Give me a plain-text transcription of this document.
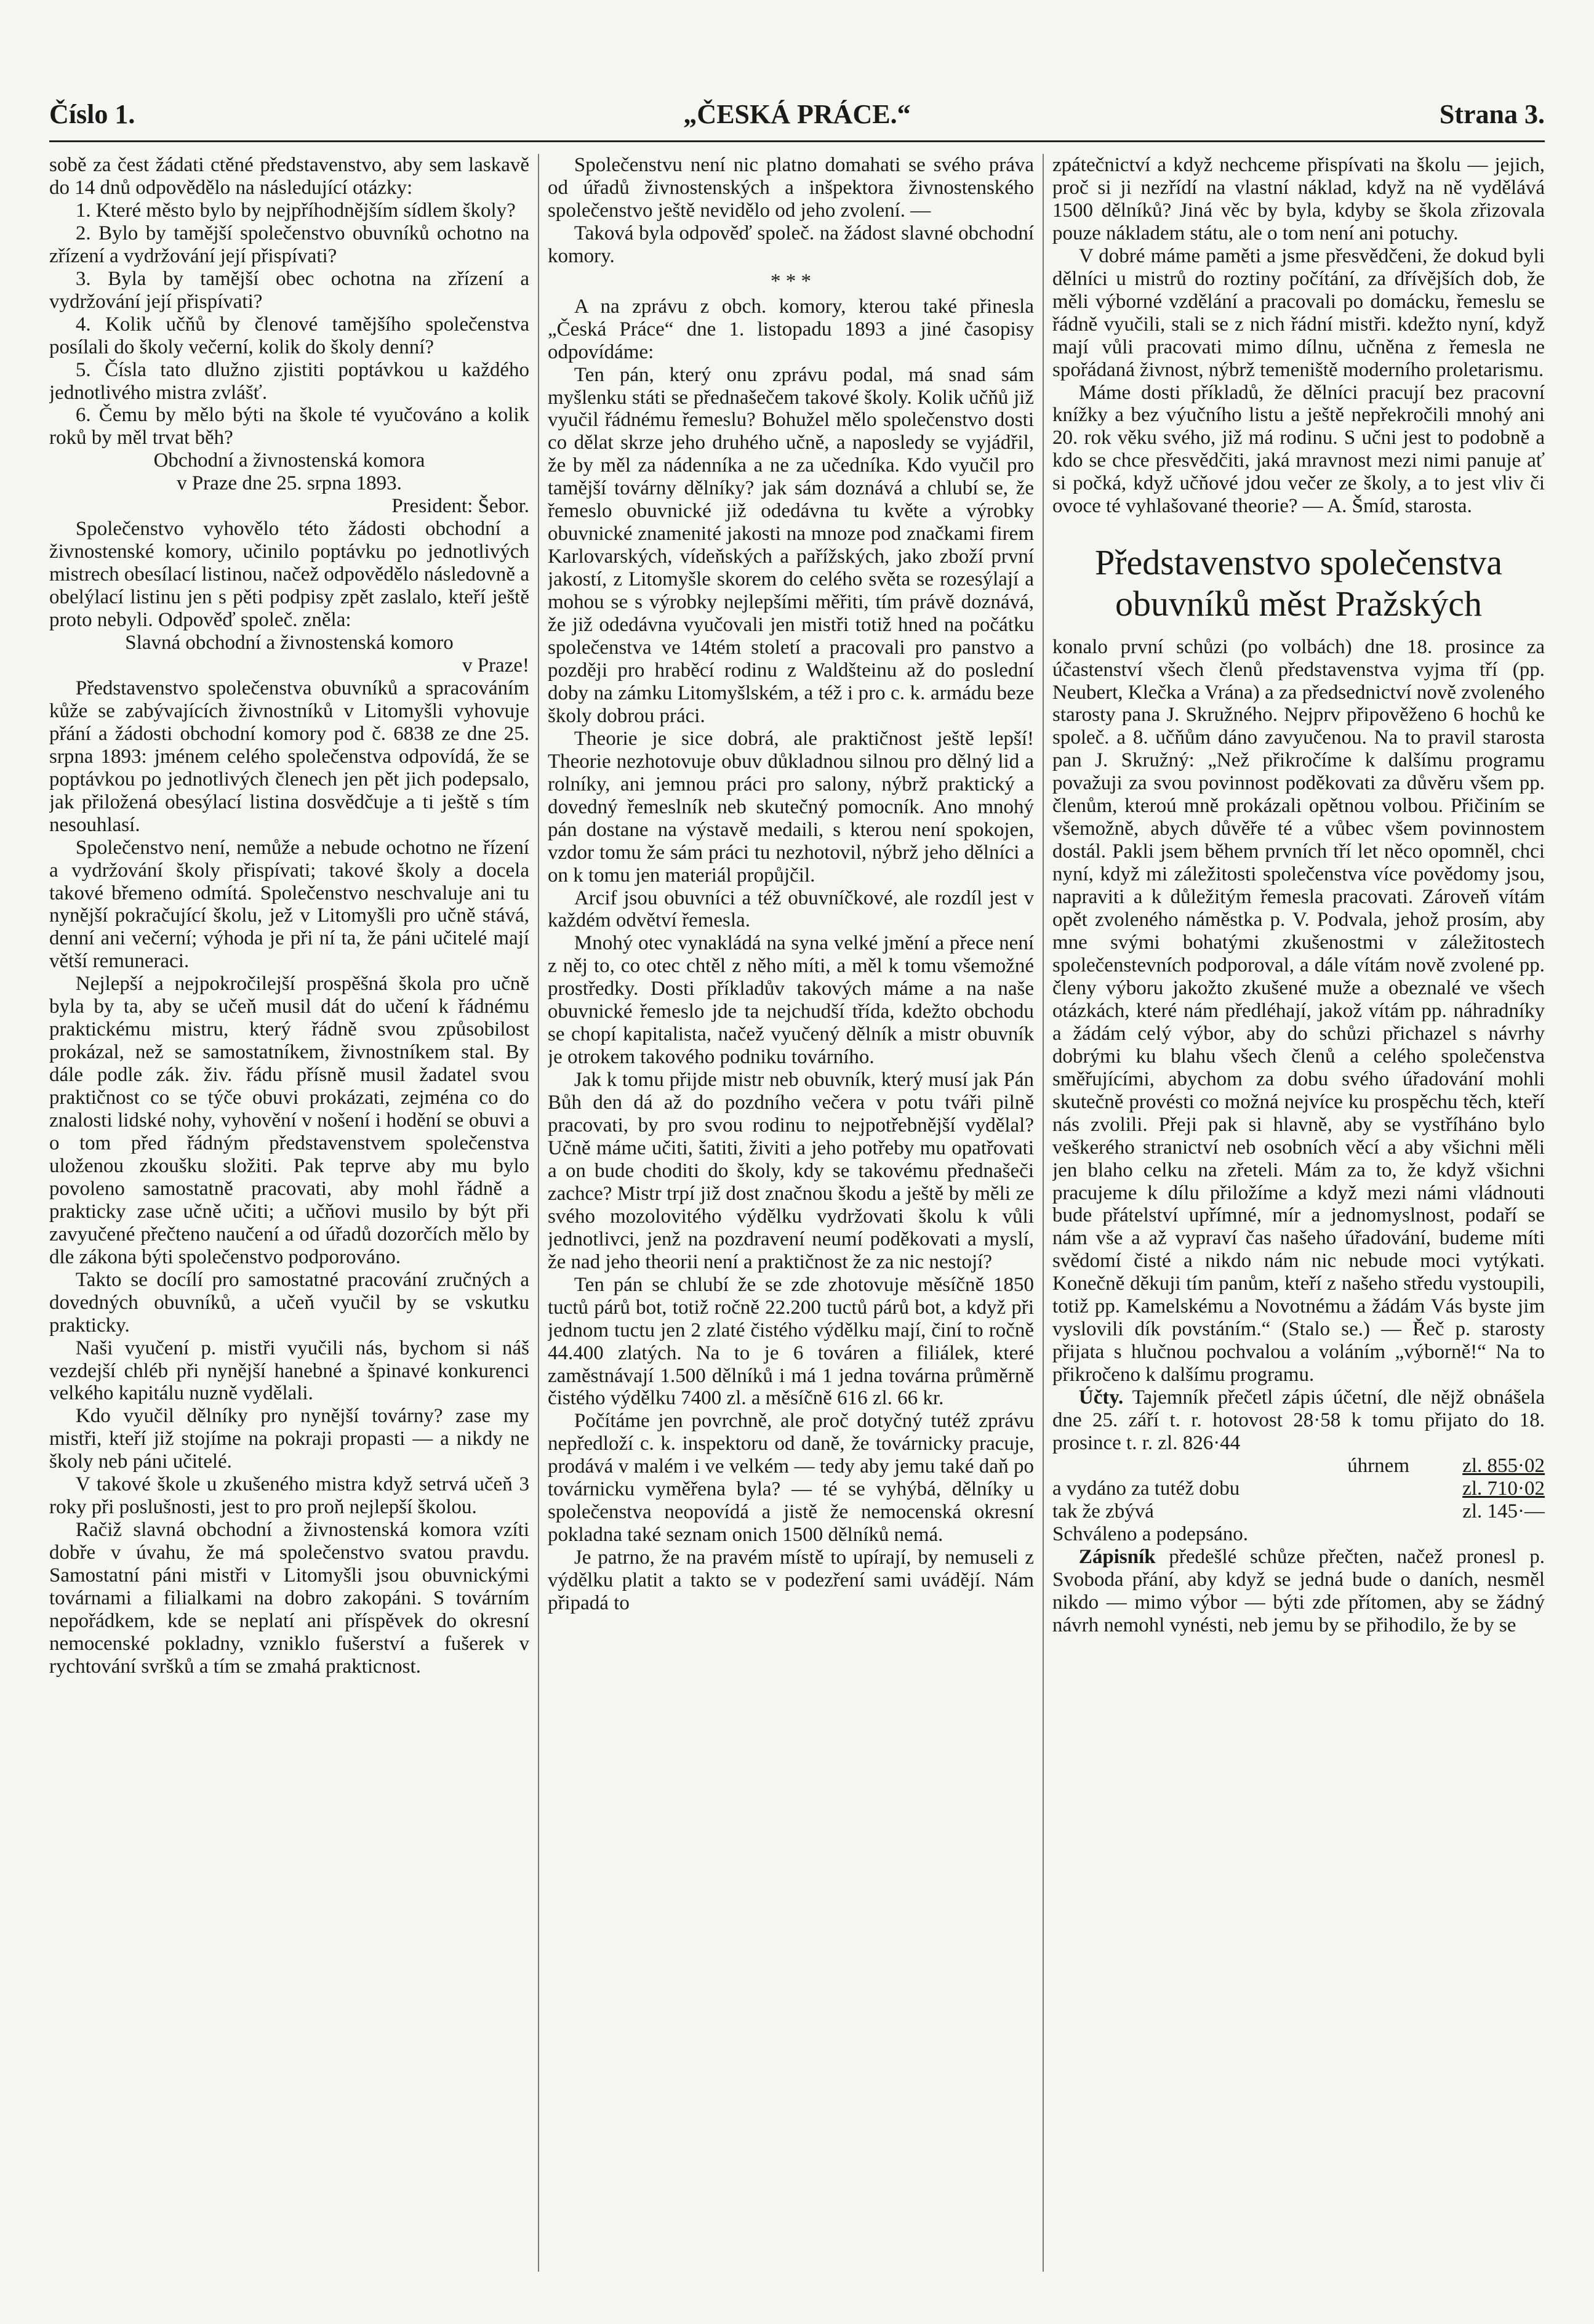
Číslo 1.	„ČESKÁ PRÁCE.“	Strana 3.

sobě za čest žádati ctěné představenstvo, aby sem laskavě do 14 dnů odpovědělo na následující otázky:

1. Které město bylo by nejpříhodnějším sídlem školy?

2. Bylo by tamější společenstvo obuvníků ochotno na zřízení a vydržování její přispívati?

3. Byla by tamější obec ochotna na zřízení a vydržování její přispívati?

4. Kolik učňů by členové tamějšího společenstva posílali do školy večerní, kolik do školy denní?

5. Čísla tato dlužno zjistiti poptávkou u každého jednotlivého mistra zvlášť.

6. Čemu by mělo býti na škole té vyučováno a kolik roků by měl trvat běh?

Obchodní a živnostenská komora

v Praze dne 25. srpna 1893.

President: Šebor.

Společenstvo vyhovělo této žádosti obchodní a živnostenské komory, učinilo poptávku po jednotlivých mistrech obesílací listinou, načež odpovědělo následovně a obelýlací listinu jen s pěti podpisy zpět zaslalo, kteří ještě proto nebyli. Odpověď společ. zněla:

Slavná obchodní a živnostenská komoro

v Praze!

Představenstvo společenstva obuvníků a spracováním kůže se zabývajících živnostníků v Litomyšli vyhovuje přání a žádosti obchodní komory pod č. 6838 ze dne 25. srpna 1893: jménem celého společenstva odpovídá, že se poptávkou po jednotlivých členech jen pět jich podepsalo, jak přiložená obesýlací listina dosvědčuje a ti ještě s tím nesouhlasí.

Společenstvo není, nemůže a nebude ochotno ne řízení a vydržování školy přispívati; takové školy a docela takové břemeno odmítá. Společenstvo neschvaluje ani tu nynější pokračující školu, jež v Litomyšli pro učně stává, denní ani večerní; výhoda je při ní ta, že páni učitelé mají větší remuneraci.

Nejlepší a nejpokročilejší prospěšná škola pro učně byla by ta, aby se učeň musil dát do učení k řádnému praktickému mistru, který řádně svou způsobilost prokázal, než se samostatníkem, živnostníkem stal. By dále podle zák. živ. řádu přísně musil žadatel svou praktičnost co se týče obuvi prokázati, zejména co do znalosti lidské nohy, vyhovění v nošení i hodění se obuvi a o tom před řádným představenstvem společenstva uloženou zkoušku složiti. Pak teprve aby mu bylo povoleno samostatně pracovati, aby mohl řádně a prakticky zase učně učiti; a učňovi musilo by být při zavyučené přečteno naučení a od úřadů dozorčích mělo by dle zákona býti společenstvo podporováno.

Takto se docílí pro samostatné pracování zručných a dovedných obuvníků, a učeň vyučil by se vskutku prakticky.

Naši vyučení p. mistři vyučili nás, bychom si náš vezdejší chléb při nynější hanebné a špinavé konkurenci velkého kapitálu nuzně vydělali.

Kdo vyučil dělníky pro nynější továrny? zase my mistři, kteří již stojíme na pokraji propasti — a nikdy ne školy neb páni učitelé.

V takové škole u zkušeného mistra když setrvá učeň 3 roky při poslušnosti, jest to pro proň nejlepší školou.

Račiž slavná obchodní a živnostenská komora vzíti dobře v úvahu, že má společenstvo svatou pravdu. Samostatní páni mistři v Litomyšli jsou obuvnickými továrnami a filialkami na dobro zakopáni. S továrním nepořádkem, kde se neplatí ani příspěvek do okresní nemocenské pokladny, vzniklo fušerství a fušerek v rychtování svršků a tím se zmahá prakticnost.

Společenstvu není nic platno domahati se svého práva od úřadů živnostenských a inšpektora živnostenského společenstvo ještě nevidělo od jeho zvolení. —

Taková byla odpověď společ. na žádost slavné obchodní komory.

* * *

A na zprávu z obch. komory, kterou také přinesla „Česká Práce“ dne 1. listopadu 1893 a jiné časopisy odpovídáme:

Ten pán, který onu zprávu podal, má snad sám myšlenku státi se přednašečem takové školy. Kolik učňů již vyučil řádnému řemeslu? Bohužel mělo společenstvo dosti co dělat skrze jeho druhého učně, a naposledy se vyjádřil, že by měl za nádenníka a ne za učedníka. Kdo vyučil pro tamější továrny dělníky? jak sám doznává a chlubí se, že řemeslo obuvnické již odedávna tu květe a výrobky obuvnické znamenité jakosti na mnoze pod značkami firem Karlovarských, vídeňských a pařížských, jako zboží první jakostí, z Litomyšle skorem do celého světa se rozesýlají a mohou se s výrobky nejlepšími měřiti, tím právě doznává, že již odedávna vyučovali jen mistři totiž hned na počátku společenstva ve 14tém století a pracovali pro panstvo a později pro hraběcí rodinu z Waldšteinu až do poslední doby na zámku Litomyšlském, a též i pro c. k. armádu beze školy dobrou práci.

Theorie je sice dobrá, ale praktičnost ještě lepší! Theorie nezhotovuje obuv důkladnou silnou pro dělný lid a rolníky, ani jemnou práci pro salony, nýbrž praktický a dovedný řemeslník neb skutečný pomocník. Ano mnohý pán dostane na výstavě medaili, s kterou není spokojen, vzdor tomu že sám práci tu nezhotovil, nýbrž jeho dělníci a on k tomu jen materiál propůjčil.

Arcif jsou obuvníci a též obuvníčkové, ale rozdíl jest v každém odvětví řemesla.

Mnohý otec vynakládá na syna velké jmění a přece není z něj to, co otec chtěl z něho míti, a měl k tomu všemožné prostředky. Dosti příkladův takových máme a na naše obuvnické řemeslo jde ta nejchudší třída, kdežto obchodu se chopí kapitalista, načež vyučený dělník a mistr obuvník je otrokem takového podniku továrního.

Jak k tomu přijde mistr neb obuvník, který musí jak Pán Bůh den dá až do pozdního večera v potu tváři pilně pracovati, by pro svou rodinu to nejpotřebnější vydělal? Učně máme učiti, šatiti, živiti a jeho potřeby mu opatřovati a on bude choditi do školy, kdy se takovému přednašeči zachce? Mistr trpí již dost značnou škodu a ještě by měli ze svého mozolovitého výdělku vydržovati školu k vůli jednotlivci, jenž na pozdravení neumí poděkovati a myslí, že nad jeho theorii není a praktičnost že za nic nestojí?

Ten pán se chlubí že se zde zhotovuje měsíčně 1850 tuctů párů bot, totiž ročně 22.200 tuctů párů bot, a když při jednom tuctu jen 2 zlaté čistého výdělku mají, činí to ročně 44.400 zlatých. Na to je 6 továren a filiálek, které zaměstnávají 1.500 dělníků i má 1 jedna továrna průměrně čistého výdělku 7400 zl. a měsíčně 616 zl. 66 kr.

Počítáme jen povrchně, ale proč dotyčný tutéž zprávu nepředloží c. k. inspektoru od daně, že továrnicky pracuje, prodává v malém i ve velkém — tedy aby jemu také daň po továrnicku vyměřena byla? — té se vyhýbá, dělníky u společenstva neopovídá a jistě že nemocenská okresní pokladna také seznam onich 1500 dělníků nemá.

Je patrno, že na pravém místě to upírají, by nemuseli z výdělku platit a takto se v podezření sami uvádějí. Nám připadá to

zpátečnictví a když nechceme přispívati na školu — jejich, proč si ji nezřídí na vlastní náklad, když na ně vydělává 1500 dělníků? Jiná věc by byla, kdyby se škola zřizovala pouze nákladem státu, ale o tom není ani potuchy.

V dobré máme paměti a jsme přesvědčeni, že dokud byli dělníci u mistrů do roztiny počítání, za dřívějších dob, že měli výborné vzdělání a pracovali po domácku, řemeslu se řádně vyučili, stali se z nich řádní mistři. kdežto nyní, když mají vůli pracovati mimo dílnu, učněna z řemesla ne spořádaná živnost, nýbrž temeniště moderního proletarismu.

Máme dosti příkladů, že dělníci pracují bez pracovní knížky a bez výučního listu a ještě nepřekročili mnohý ani 20. rok věku svého, již má rodinu. S učni jest to podobně a kdo se chce přesvědčiti, jaká mravnost mezi nimi panuje ať si počká, když učňové jdou večer ze školy, a to jest vliv či ovoce té vyhlašované theorie? — A. Šmíd, starosta.

Představenstvo společenstva
obuvníků měst Pražských

konalo první schůzi (po volbách) dne 18. prosince za účastenství všech členů představenstva vyjma tří (pp. Neubert, Klečka a Vrána) a za předsednictví nově zvoleného starosty pana J. Skružného. Nejprv připověženo 6 hochů ke společ. a 8. učňům dáno zavyučenou. Na to pravil starosta pan J. Skružný: „Než přikročíme k dalšímu programu považuji za svou povinnost poděkovati za důvěru všem pp. členům, kteroú mně prokázali opětnou volbou. Přičiním se všemožně, abych důvěře té a vůbec všem povinnostem dostál. Pakli jsem během prvních tří let něco opomněl, chci nyní, když mi záležitosti společenstva více povědomy jsou, napraviti a k důležitým řemesla pracovati. Zároveň vítám opět zvoleného náměstka p. V. Podvala, jehož prosím, aby mne svými bohatými zkušenostmi v záležitostech společenstevních podporoval, a dále vítám nově zvolené pp. členy výboru jakožto zkušené muže a obeznalé ve všech otázkách, které nám předléhají, jakož vítám pp. náhradníky a žádám celý výbor, aby do schůzi přichazel s návrhy dobrými ku blahu všech členů a celého společenstva směřujícími, abychom za dobu svého úřadování mohli skutečně provésti co možná nejvíce ku prospěchu těch, kteří nás zvolili. Přeji pak si hlavně, aby se vystříháno bylo veškerého stranictví neb osobních věcí a aby všichni měli jen blaho celku na zřeteli. Mám za to, že když všichni pracujeme k dílu přiložíme a když mezi námi vládnouti bude přátelství upřímné, mír a jednomyslnost, podaří se nám vše a až vypraví čas našeho úřadování, budeme míti svědomí čisté a nikdo nám nic nebude moci vytýkati. Konečně děkuji tím panům, kteří z našeho středu vystoupili, totiž pp. Kamelskému a Novotnému a žádám Vás byste jim vyslovili dík povstáním.“ (Stalo se.) — Řeč p. starosty přijata s hlučnou pochvalou a voláním „výborně!“ Na to přikročeno k dalšímu programu.

Účty. Tajemník přečetl zápis účetní, dle nějž obnášela dne 25. září t. r. hotovost 28·58 k tomu přijato do 18. prosince t. r. zl. 826·44

úhrnem	zl. 855·02
a vydáno za tutéž dobu	zl. 710·02
tak že zbývá	zl. 145·—

Schváleno a podepsáno.

Zápisník předešlé schůze přečten, načež pronesl p. Svoboda přání, aby když se jedná bude o daních, nesměl nikdo — mimo výbor — býti zde přítomen, aby se žádný návrh nemohl vynésti, neb jemu by se přihodilo, že by se
